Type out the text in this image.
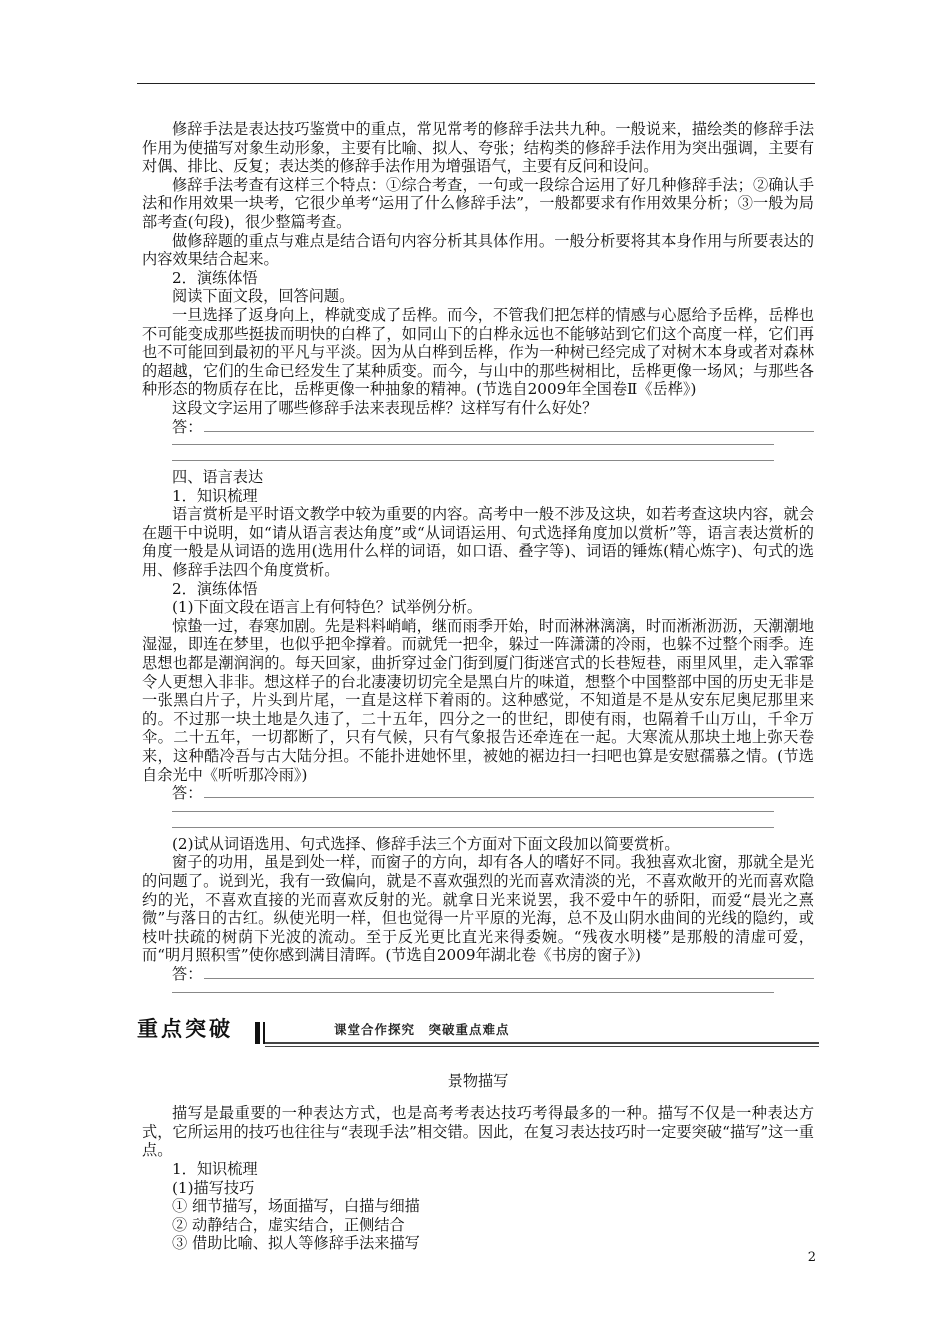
修辞手法是表达技巧鉴赏中的重点，常见常考的修辞手法共九种。一般说来，描绘类的修辞手法作用为使描写对象生动形象，主要有比喻、拟人、夸张；结构类的修辞手法作用为突出强调，主要有对偶、排比、反复；表达类的修辞手法作用为增强语气，主要有反问和设问。

修辞手法考查有这样三个特点：①综合考查，一句或一段综合运用了好几种修辞手法；②确认手法和作用效果一块考，它很少单考“运用了什么修辞手法”，一般都要求有作用效果分析；③一般为局部考查(句段)，很少整篇考查。

做修辞题的重点与难点是结合语句内容分析其具体作用。一般分析要将其本身作用与所要表达的内容效果结合起来。

2．演练体悟

阅读下面文段，回答问题。

一旦选择了返身向上，桦就变成了岳桦。而今，不管我们把怎样的情感与心愿给予岳桦，岳桦也不可能变成那些挺拔而明快的白桦了，如同山下的白桦永远也不能够站到它们这个高度一样，它们再也不可能回到最初的平凡与平淡。因为从白桦到岳桦，作为一种树已经完成了对树木本身或者对森林的超越，它们的生命已经发生了某种质变。而今，与山中的那些树相比，岳桦更像一场风；与那些各种形态的物质存在比，岳桦更像一种抽象的精神。(节选自2009年全国卷Ⅱ《岳桦》)

这段文字运用了哪些修辞手法来表现岳桦？这样写有什么好处？

答：

四、语言表达

1．知识梳理

语言赏析是平时语文教学中较为重要的内容。高考中一般不涉及这块，如若考查这块内容，就会在题干中说明，如“请从语言表达角度”或“从词语运用、句式选择角度加以赏析”等，语言表达赏析的角度一般是从词语的选用(选用什么样的词语，如口语、叠字等)、词语的锤炼(精心炼字)、句式的选用、修辞手法四个角度赏析。

2．演练体悟

(1)下面文段在语言上有何特色？试举例分析。

惊蛰一过，春寒加剧。先是料料峭峭，继而雨季开始，时而淋淋漓漓，时而淅淅沥沥，天潮潮地湿湿，即连在梦里，也似乎把伞撑着。而就凭一把伞，躲过一阵潇潇的冷雨，也躲不过整个雨季。连思想也都是潮润润的。每天回家，曲折穿过金门街到厦门街迷宫式的长巷短巷，雨里风里，走入霏霏令人更想入非非。想这样子的台北凄凄切切完全是黑白片的味道，想整个中国整部中国的历史无非是一张黑白片子，片头到片尾，一直是这样下着雨的。这种感觉，不知道是不是从安东尼奥尼那里来的。不过那一块土地是久违了，二十五年，四分之一的世纪，即使有雨，也隔着千山万山，千伞万伞。二十五年，一切都断了，只有气候，只有气象报告还牵连在一起。大寒流从那块土地上弥天卷来，这种酷冷吾与古大陆分担。不能扑进她怀里，被她的裾边扫一扫吧也算是安慰孺慕之情。(节选自余光中《听听那冷雨》)

答：

(2)试从词语选用、句式选择、修辞手法三个方面对下面文段加以简要赏析。

窗子的功用，虽是到处一样，而窗子的方向，却有各人的嗜好不同。我独喜欢北窗，那就全是光的问题了。说到光，我有一致偏向，就是不喜欢强烈的光而喜欢清淡的光，不喜欢敞开的光而喜欢隐约的光，不喜欢直接的光而喜欢反射的光。就拿日光来说罢，我不爱中午的骄阳，而爱“晨光之熹微”与落日的古红。纵使光明一样，但也觉得一片平原的光海，总不及山阴水曲间的光线的隐约，或枝叶扶疏的树荫下光波的流动。至于反光更比直光来得委婉。“残夜水明楼”是那般的清虚可爱，而“明月照积雪”使你感到满目清晖。(节选自2009年湖北卷《书房的窗子》)

答：
重点突破	课堂合作探究　突破重点难点

景物描写

描写是最重要的一种表达方式，也是高考考表达技巧考得最多的一种。描写不仅是一种表达方式，它所运用的技巧也往往与“表现手法”相交错。因此，在复习表达技巧时一定要突破“描写”这一重点。

1．知识梳理

(1)描写技巧

① 细节描写，场面描写，白描与细描

② 动静结合，虚实结合，正侧结合

③ 借助比喻、拟人等修辞手法来描写

2
